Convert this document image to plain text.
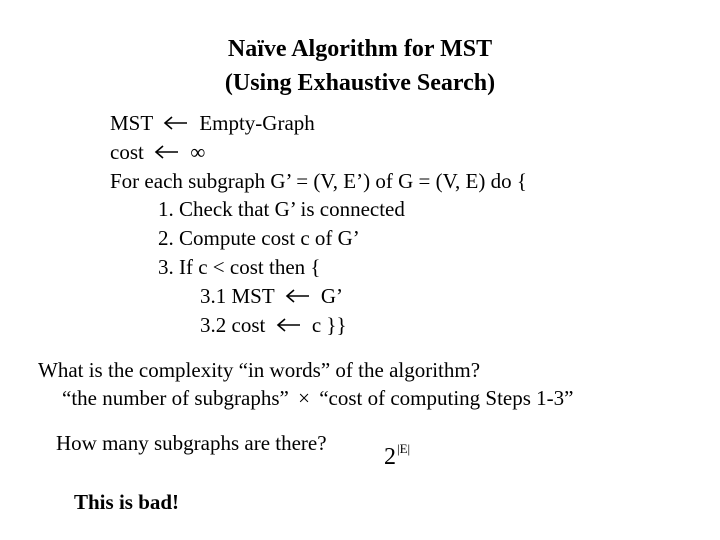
Naïve Algorithm for MST
(Using Exhaustive Search)
MST Empty-Graph
cost ∞
For each subgraph G’ = (V, E’) of G = (V, E) do {
1. Check that G’ is connected
2. Compute cost c of G’
3. If c < cost then {
3.1 MST G’
3.2 cost c }}
What is the complexity “in words” of the algorithm?
“the number of subgraphs” × “cost of computing Steps 1-3”
How many subgraphs are there?
$2^{|E|}$
This is bad!
